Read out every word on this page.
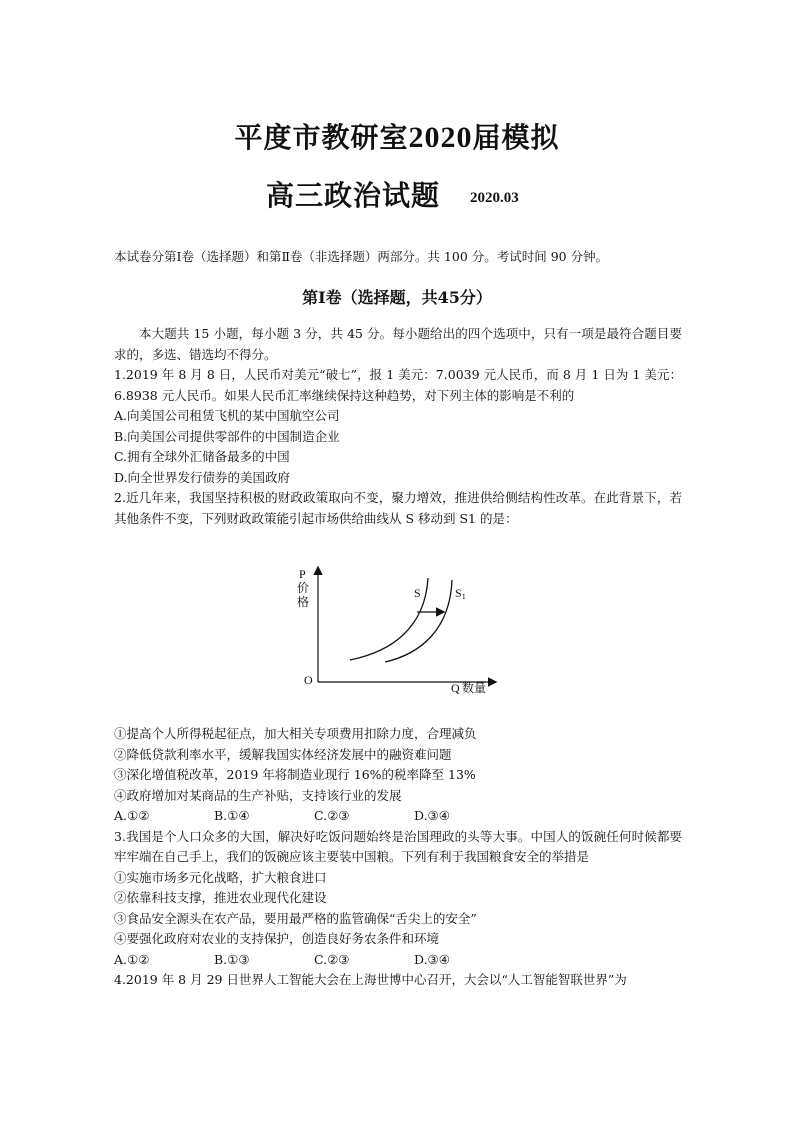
平度市教研室2020届模拟
高三政治试题 2020.03
本试卷分第Ⅰ卷（选择题）和第Ⅱ卷（非选择题）两部分。共 100 分。考试时间 90 分钟。
第Ⅰ卷（选择题，共45分）

本大题共 15 小题，每小题 3 分，共 45 分。每小题给出的四个选项中，只有一项是最符合题目要求的，多选、错选均不得分。

1.2019 年 8 月 8 日，人民币对美元“破七”，报 1 美元：7.0039 元人民币，而 8 月 1 日为 1 美元：6.8938 元人民币。如果人民币汇率继续保持这种趋势，对下列主体的影响是不利的

A.向美国公司租赁飞机的某中国航空公司

B.向美国公司提供零部件的中国制造企业

C.拥有全球外汇储备最多的中国

D.向全世界发行债券的美国政府

2.近几年来，我国坚持积极的财政政策取向不变，聚力增效，推进供给侧结构性改革。在此背景下，若其他条件不变，下列财政政策能引起市场供给曲线从 S 移动到 S1 的是：

P
价
格
O
Q 数量
S	S1

①提高个人所得税起征点，加大相关专项费用扣除力度，合理减负

②降低贷款利率水平，缓解我国实体经济发展中的融资难问题

③深化增值税改革，2019 年将制造业现行 16%的税率降至 13%

④政府增加对某商品的生产补贴，支持该行业的发展

A.①②	B.①④	C.②③	D.③④

3.我国是个人口众多的大国，解决好吃饭问题始终是治国理政的头等大事。中国人的饭碗任何时候都要牢牢端在自己手上，我们的饭碗应该主要装中国粮。下列有利于我国粮食安全的举措是

①实施市场多元化战略，扩大粮食进口

②依靠科技支撑，推进农业现代化建设

③食品安全源头在农产品，要用最严格的监管确保“舌尖上的安全”

④要强化政府对农业的支持保护，创造良好务农条件和环境

A.①②	B.①③	C.②③	D.③④

4.2019 年 8 月 29 日世界人工智能大会在上海世博中心召开，大会以“人工智能智联世界”为
